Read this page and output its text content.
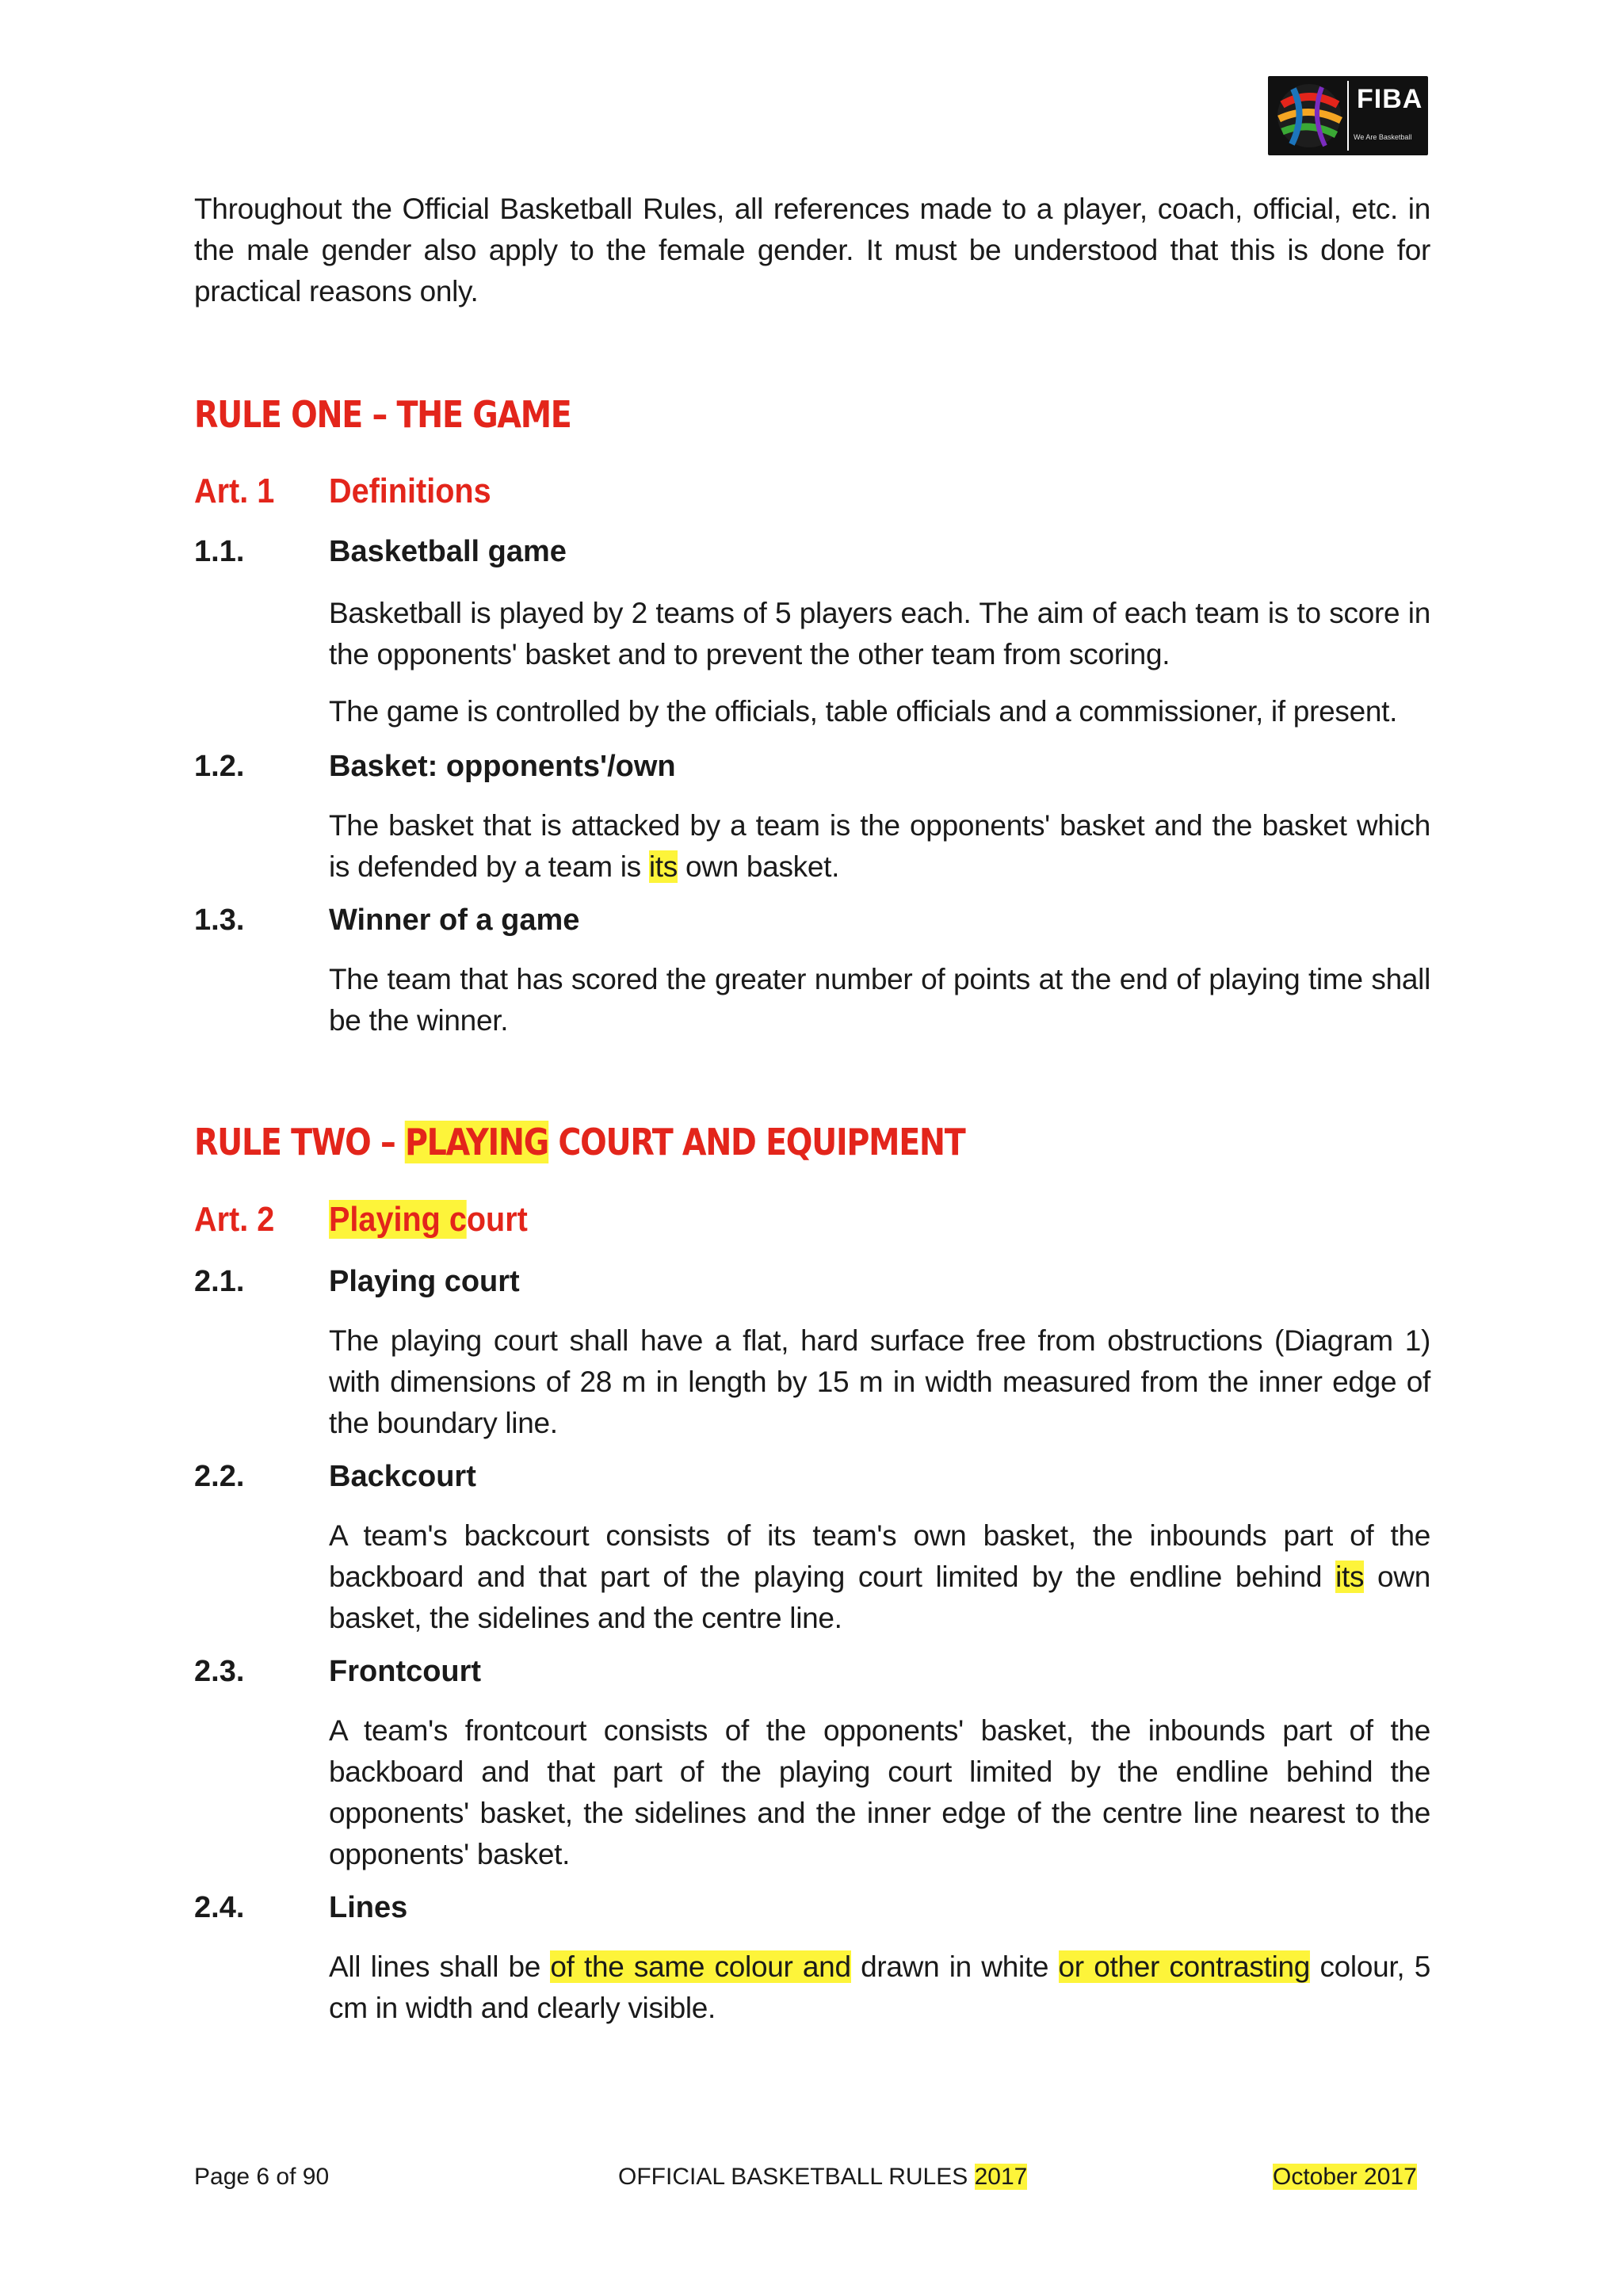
FIBA
We Are Basketball
Throughout the Official Basketball Rules, all references made to a player, coach, official, etc. in the male gender also apply to the female gender. It must be understood that this is done for practical reasons only.
RULE ONE – THE GAME
Art. 1 Definitions
1.1.	Basketball game
Basketball is played by 2 teams of 5 players each. The aim of each team is to score in the opponents' basket and to prevent the other team from scoring.
The game is controlled by the officials, table officials and a commissioner, if present.
1.2.	Basket: opponents'/own
The basket that is attacked by a team is the opponents' basket and the basket which is defended by a team is its own basket.
1.3.	Winner of a game
The team that has scored the greater number of points at the end of playing time shall be the winner.
RULE TWO – PLAYING COURT AND EQUIPMENT
Art. 2 Playing court
2.1.	Playing court
The playing court shall have a flat, hard surface free from obstructions (Diagram 1) with dimensions of 28 m in length by 15 m in width measured from the inner edge of the boundary line.
2.2.	Backcourt
A team's backcourt consists of its team's own basket, the inbounds part of the backboard and that part of the playing court limited by the endline behind its own basket, the sidelines and the centre line.
2.3.	Frontcourt
A team's frontcourt consists of the opponents' basket, the inbounds part of the backboard and that part of the playing court limited by the endline behind the opponents' basket, the sidelines and the inner edge of the centre line nearest to the opponents' basket.
2.4.	Lines
All lines shall be of the same colour and drawn in white or other contrasting colour, 5 cm in width and clearly visible.
Page 6 of 90	OFFICIAL BASKETBALL RULES 2017	October 2017
